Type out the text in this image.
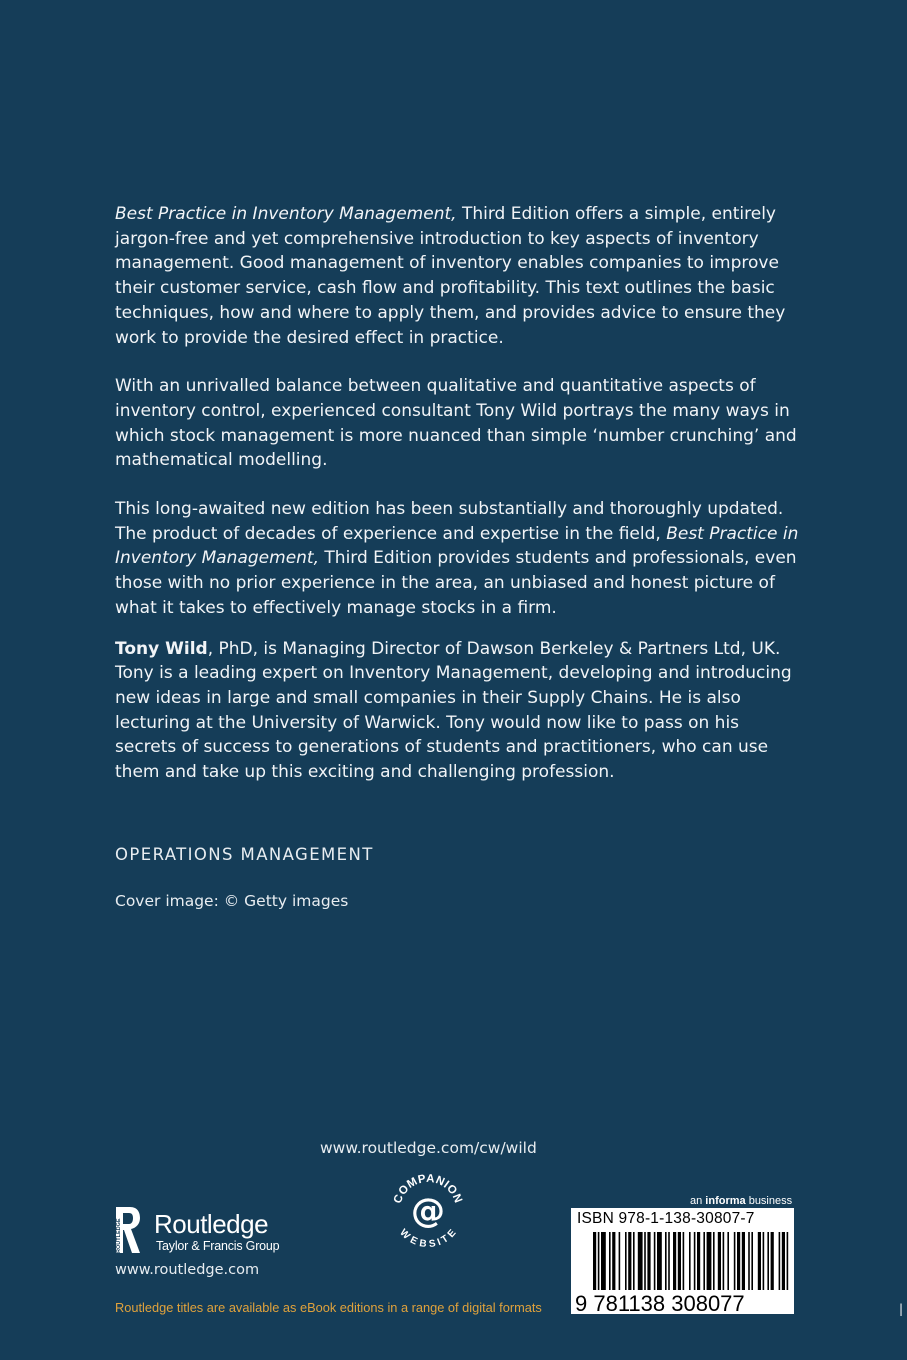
Best Practice in Inventory Management, Third Edition offers a simple, entirely jargon-free and yet comprehensive introduction to key aspects of inventory management. Good management of inventory enables companies to improve their customer service, cash flow and profitability. This text outlines the basic techniques, how and where to apply them, and provides advice to ensure they work to provide the desired effect in practice.

With an unrivalled balance between qualitative and quantitative aspects of inventory control, experienced consultant Tony Wild portrays the many ways in which stock management is more nuanced than simple ‘number crunching’ and mathematical modelling.

This long-awaited new edition has been substantially and thoroughly updated. The product of decades of experience and expertise in the field, Best Practice in Inventory Management, Third Edition provides students and professionals, even those with no prior experience in the area, an unbiased and honest picture of what it takes to effectively manage stocks in a firm.

Tony Wild, PhD, is Managing Director of Dawson Berkeley & Partners Ltd, UK. Tony is a leading expert on Inventory Management, developing and introducing new ideas in large and small companies in their Supply Chains. He is also lecturing at the University of Warwick. Tony would now like to pass on his secrets of success to generations of students and practitioners, who can use them and take up this exciting and challenging profession.

OPERATIONS MANAGEMENT
Cover image: © Getty images
www.routledge.com/cw/wild
COMPANION
WEBSITE
@
ROUTLEDGE Routledge
Taylor & Francis Group
www.routledge.com
Routledge titles are available as eBook editions in a range of digital formats
an informa business
ISBN 978-1-138-30807-7
9 781138 308077	|
